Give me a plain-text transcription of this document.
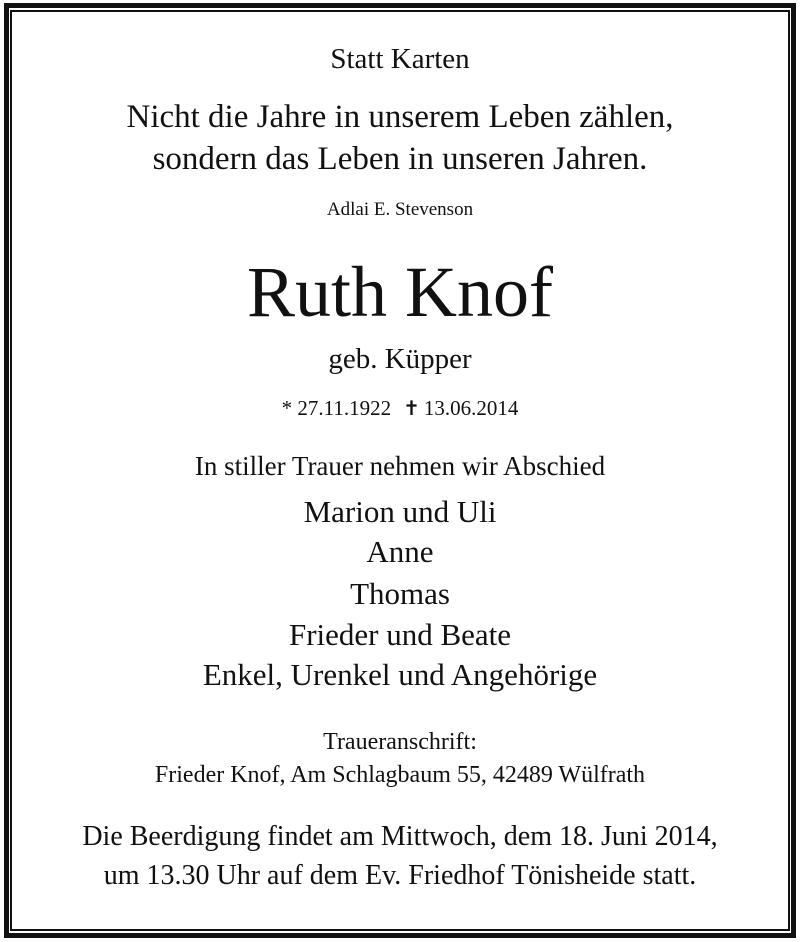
Statt Karten
Nicht die Jahre in unserem Leben zählen,
sondern das Leben in unseren Jahren.
Adlai E. Stevenson
Ruth Knof
geb. Küpper
* 27.11.1922 ✝ 13.06.2014
In stiller Trauer nehmen wir Abschied
Marion und Uli
Anne
Thomas
Frieder und Beate
Enkel, Urenkel und Angehörige
Traueranschrift:
Frieder Knof, Am Schlagbaum 55, 42489 Wülfrath
Die Beerdigung findet am Mittwoch, dem 18. Juni 2014,
um 13.30 Uhr auf dem Ev. Friedhof Tönisheide statt.
